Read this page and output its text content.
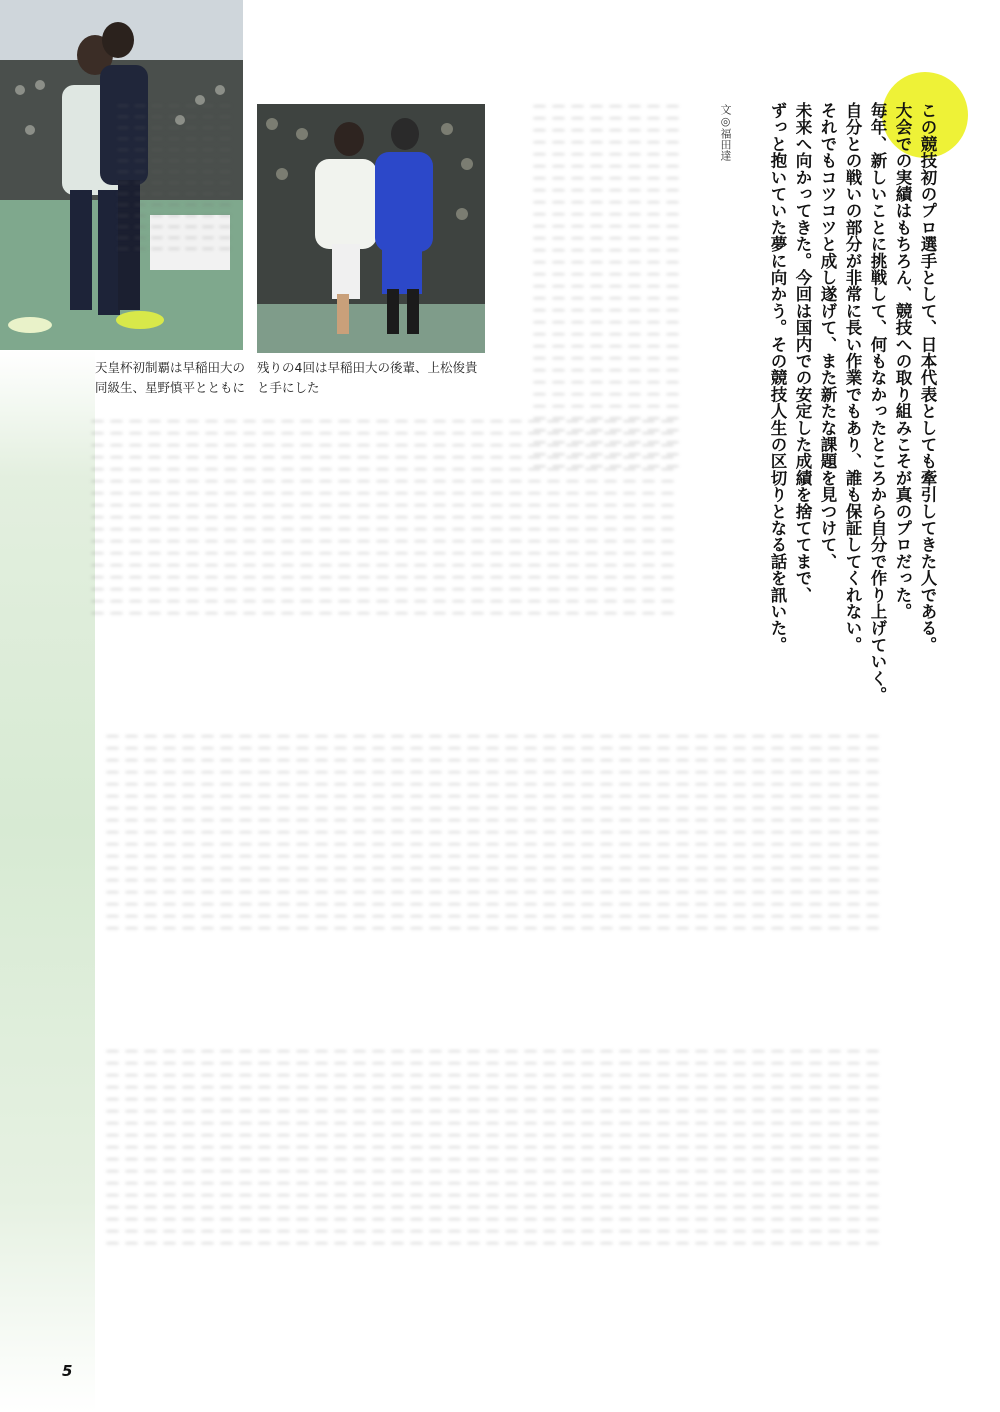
天皇杯初制覇は早稲田大の同級生、星野慎平とともに

残りの4回は早稲田大の後輩、上松俊貴と手にした	この競技初のプロ選手として、日本代表としても牽引してきた人である。
大会での実績はもちろん、競技への取り組みこそが真のプロだった。
毎年、新しいことに挑戦して、何もなかったところから自分で作り上げていく。
自分との戦いの部分が非常に長い作業でもあり、誰も保証してくれない。
それでもコツコツと成し遂げて、また新たな課題を見つけて、
未来へ向かってきた。今回は国内での安定した成績を捨ててまで、
ずっと抱いていた夢に向かう。その競技人生の区切りとなる話を訊いた。
文◎福田達

｜｜｜｜｜｜｜｜｜｜｜｜｜｜｜｜｜｜｜｜｜｜｜｜｜｜｜｜｜｜｜
｜｜｜｜｜｜｜｜｜｜｜｜｜｜｜｜｜｜｜｜｜｜｜｜｜｜｜｜｜｜｜
｜｜｜｜｜｜｜｜｜｜｜｜｜｜｜｜｜｜｜｜｜｜｜｜｜｜｜｜｜｜｜
｜｜｜｜｜｜｜｜｜｜｜｜｜｜｜｜｜｜｜｜｜｜｜｜｜｜｜｜｜｜｜
｜｜｜｜｜｜｜｜｜｜｜｜｜｜｜｜｜｜｜｜｜｜｜｜｜｜｜｜｜｜｜
｜｜｜｜｜｜｜｜｜｜｜｜｜｜｜｜｜｜｜｜｜｜｜｜｜｜｜｜｜｜｜
｜｜｜｜｜｜｜｜｜｜｜｜｜｜｜｜｜｜｜｜｜｜｜｜｜｜｜｜｜｜｜
｜｜｜｜｜｜｜｜｜｜｜｜｜｜｜｜｜｜｜｜｜｜｜｜｜｜｜｜｜｜｜

｜｜｜｜｜｜｜｜｜｜｜｜｜｜
｜｜｜｜｜｜｜｜｜｜｜｜｜｜
｜｜｜｜｜｜｜｜｜｜｜｜｜｜
｜｜｜｜｜｜｜｜｜｜｜｜｜｜
｜｜｜｜｜｜｜｜｜｜｜｜｜｜
｜｜｜｜｜｜｜｜｜｜｜｜｜｜
｜｜｜｜｜｜｜｜｜｜｜｜｜｜

｜｜｜｜｜｜｜｜｜｜｜｜｜｜｜｜｜
｜｜｜｜｜｜｜｜｜｜｜｜｜｜｜｜｜
｜｜｜｜｜｜｜｜｜｜｜｜｜｜｜｜｜
｜｜｜｜｜｜｜｜｜｜｜｜｜｜｜｜｜
｜｜｜｜｜｜｜｜｜｜｜｜｜｜｜｜｜
｜｜｜｜｜｜｜｜｜｜｜｜｜｜｜｜｜
｜｜｜｜｜｜｜｜｜｜｜｜｜｜｜｜｜
｜｜｜｜｜｜｜｜｜｜｜｜｜｜｜｜｜
｜｜｜｜｜｜｜｜｜｜｜｜｜｜｜｜｜
｜｜｜｜｜｜｜｜｜｜｜｜｜｜｜｜｜
｜｜｜｜｜｜｜｜｜｜｜｜｜｜｜｜｜
｜｜｜｜｜｜｜｜｜｜｜｜｜｜｜｜｜
｜｜｜｜｜｜｜｜｜｜｜｜｜｜｜｜｜
｜｜｜｜｜｜｜｜｜｜｜｜｜｜｜｜｜
｜｜｜｜｜｜｜｜｜｜｜｜｜｜｜｜｜
｜｜｜｜｜｜｜｜｜｜｜｜｜｜｜｜｜
｜｜｜｜｜｜｜｜｜｜｜｜｜｜｜｜｜
｜｜｜｜｜｜｜｜｜｜｜｜｜｜｜｜｜
｜｜｜｜｜｜｜｜｜｜｜｜｜｜｜｜｜
｜｜｜｜｜｜｜｜｜｜｜｜｜｜｜｜｜
｜｜｜｜｜｜｜｜｜｜｜｜｜｜｜｜｜
｜｜｜｜｜｜｜｜｜｜｜｜｜｜｜｜｜
｜｜｜｜｜｜｜｜｜｜｜｜｜｜｜｜｜
｜｜｜｜｜｜｜｜｜｜｜｜｜｜｜｜｜
｜｜｜｜｜｜｜｜｜｜｜｜｜｜｜｜｜
｜｜｜｜｜｜｜｜｜｜｜｜｜｜｜｜｜
｜｜｜｜｜｜｜｜｜｜｜｜｜｜｜｜｜
｜｜｜｜｜｜｜｜｜｜｜｜｜｜｜｜｜
｜｜｜｜｜｜｜｜｜｜｜｜｜｜｜｜｜
｜｜｜｜｜｜｜｜｜｜｜｜｜｜｜｜｜
｜｜｜｜｜｜｜｜｜｜｜｜｜｜｜｜｜

｜｜｜｜｜｜｜｜｜｜｜｜｜｜｜｜｜
｜｜｜｜｜｜｜｜｜｜｜｜｜｜｜｜｜
｜｜｜｜｜｜｜｜｜｜｜｜｜｜｜｜｜
｜｜｜｜｜｜｜｜｜｜｜｜｜｜｜｜｜
｜｜｜｜｜｜｜｜｜｜｜｜｜｜｜｜｜
｜｜｜｜｜｜｜｜｜｜｜｜｜｜｜｜｜
｜｜｜｜｜｜｜｜｜｜｜｜｜｜｜｜｜
｜｜｜｜｜｜｜｜｜｜｜｜｜｜｜｜｜
｜｜｜｜｜｜｜｜｜｜｜｜｜｜｜｜｜
｜｜｜｜｜｜｜｜｜｜｜｜｜｜｜｜｜
｜｜｜｜｜｜｜｜｜｜｜｜｜｜｜｜｜
｜｜｜｜｜｜｜｜｜｜｜｜｜｜｜｜｜
｜｜｜｜｜｜｜｜｜｜｜｜｜｜｜｜｜
｜｜｜｜｜｜｜｜｜｜｜｜｜｜｜｜｜
｜｜｜｜｜｜｜｜｜｜｜｜｜｜｜｜｜
｜｜｜｜｜｜｜｜｜｜｜｜｜｜｜｜｜
｜｜｜｜｜｜｜｜｜｜｜｜｜｜｜｜｜
｜｜｜｜｜｜｜｜｜｜｜｜｜｜｜｜｜
｜｜｜｜｜｜｜｜｜｜｜｜｜｜｜｜｜
｜｜｜｜｜｜｜｜｜｜｜｜｜｜｜｜｜
｜｜｜｜｜｜｜｜｜｜｜｜｜｜｜｜｜
｜｜｜｜｜｜｜｜｜｜｜｜｜｜｜｜｜
｜｜｜｜｜｜｜｜｜｜｜｜｜｜｜｜｜
｜｜｜｜｜｜｜｜｜｜｜｜｜｜｜｜｜
｜｜｜｜｜｜｜｜｜｜｜｜｜｜｜｜｜
｜｜｜｜｜｜｜｜｜｜｜｜｜｜｜｜｜
｜｜｜｜｜｜｜｜｜｜｜｜｜｜｜｜｜
｜｜｜｜｜｜｜｜｜｜｜｜｜｜｜｜｜
｜｜｜｜｜｜｜｜｜｜｜｜｜｜｜｜｜
｜｜｜｜｜｜｜｜｜｜｜｜｜｜｜｜｜
｜｜｜｜｜｜｜｜｜｜｜｜｜｜｜｜｜
｜｜｜｜｜｜｜｜｜｜｜｜｜｜｜｜｜
｜｜｜｜｜｜｜｜｜｜｜｜｜｜｜｜｜
｜｜｜｜｜｜｜｜｜｜｜｜｜｜｜｜｜
｜｜｜｜｜｜｜｜｜｜｜｜｜｜｜｜｜
｜｜｜｜｜｜｜｜｜｜｜｜｜｜｜｜｜
｜｜｜｜｜｜｜｜｜｜｜｜｜｜｜｜｜
｜｜｜｜｜｜｜｜｜｜｜｜｜｜｜｜｜
｜｜｜｜｜｜｜｜｜｜｜｜｜｜｜｜｜
｜｜｜｜｜｜｜｜｜｜｜｜｜｜｜｜｜
｜｜｜｜｜｜｜｜｜｜｜｜｜｜｜｜｜

｜｜｜｜｜｜｜｜｜｜｜｜｜｜｜｜｜
｜｜｜｜｜｜｜｜｜｜｜｜｜｜｜｜｜
｜｜｜｜｜｜｜｜｜｜｜｜｜｜｜｜｜
｜｜｜｜｜｜｜｜｜｜｜｜｜｜｜｜｜
｜｜｜｜｜｜｜｜｜｜｜｜｜｜｜｜｜
｜｜｜｜｜｜｜｜｜｜｜｜｜｜｜｜｜
｜｜｜｜｜｜｜｜｜｜｜｜｜｜｜｜｜
｜｜｜｜｜｜｜｜｜｜｜｜｜｜｜｜｜
｜｜｜｜｜｜｜｜｜｜｜｜｜｜｜｜｜
｜｜｜｜｜｜｜｜｜｜｜｜｜｜｜｜｜
｜｜｜｜｜｜｜｜｜｜｜｜｜｜｜｜｜
｜｜｜｜｜｜｜｜｜｜｜｜｜｜｜｜｜
｜｜｜｜｜｜｜｜｜｜｜｜｜｜｜｜｜
｜｜｜｜｜｜｜｜｜｜｜｜｜｜｜｜｜
｜｜｜｜｜｜｜｜｜｜｜｜｜｜｜｜｜
｜｜｜｜｜｜｜｜｜｜｜｜｜｜｜｜｜
｜｜｜｜｜｜｜｜｜｜｜｜｜｜｜｜｜
｜｜｜｜｜｜｜｜｜｜｜｜｜｜｜｜｜
｜｜｜｜｜｜｜｜｜｜｜｜｜｜｜｜｜
｜｜｜｜｜｜｜｜｜｜｜｜｜｜｜｜｜
｜｜｜｜｜｜｜｜｜｜｜｜｜｜｜｜｜
｜｜｜｜｜｜｜｜｜｜｜｜｜｜｜｜｜
｜｜｜｜｜｜｜｜｜｜｜｜｜｜｜｜｜
｜｜｜｜｜｜｜｜｜｜｜｜｜｜｜｜｜
｜｜｜｜｜｜｜｜｜｜｜｜｜｜｜｜｜
｜｜｜｜｜｜｜｜｜｜｜｜｜｜｜｜｜
｜｜｜｜｜｜｜｜｜｜｜｜｜｜｜｜｜
｜｜｜｜｜｜｜｜｜｜｜｜｜｜｜｜｜
｜｜｜｜｜｜｜｜｜｜｜｜｜｜｜｜｜
｜｜｜｜｜｜｜｜｜｜｜｜｜｜｜｜｜
｜｜｜｜｜｜｜｜｜｜｜｜｜｜｜｜｜
｜｜｜｜｜｜｜｜｜｜｜｜｜｜｜｜｜
｜｜｜｜｜｜｜｜｜｜｜｜｜｜｜｜｜
｜｜｜｜｜｜｜｜｜｜｜｜｜｜｜｜｜
｜｜｜｜｜｜｜｜｜｜｜｜｜｜｜｜｜
｜｜｜｜｜｜｜｜｜｜｜｜｜｜｜｜｜
｜｜｜｜｜｜｜｜｜｜｜｜｜｜｜｜｜
｜｜｜｜｜｜｜｜｜｜｜｜｜｜｜｜｜
｜｜｜｜｜｜｜｜｜｜｜｜｜｜｜｜｜
｜｜｜｜｜｜｜｜｜｜｜｜｜｜｜｜｜
｜｜｜｜｜｜｜｜｜｜｜｜｜｜｜｜｜
5
